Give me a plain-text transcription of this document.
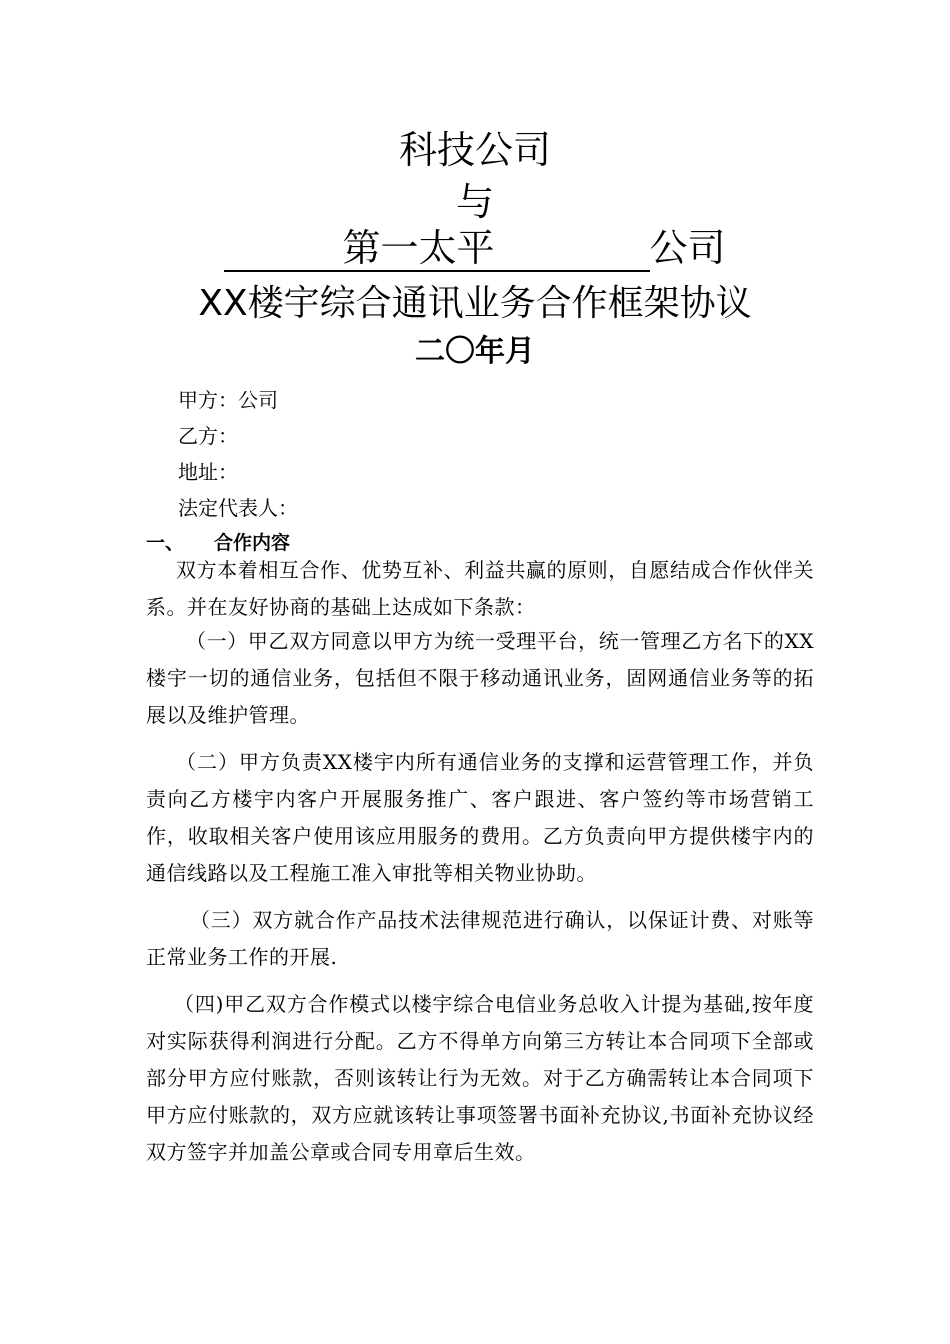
科技公司
与
第一太平	公司
XX楼宇综合通讯业务合作框架协议
二〇年月
甲方：公司
乙方：
地址：
法定代表人：
一、 合作内容
双方本着相互合作、优势互补、利益共赢的原则，自愿结成合作伙伴关系。并在友好协商的基础上达成如下条款：
（一）甲乙双方同意以甲方为统一受理平台，统一管理乙方名下的XX楼宇一切的通信业务，包括但不限于移动通讯业务，固网通信业务等的拓展以及维护管理。
（二）甲方负责XX楼宇内所有通信业务的支撑和运营管理工作，并负责向乙方楼宇内客户开展服务推广、客户跟进、客户签约等市场营销工作，收取相关客户使用该应用服务的费用。乙方负责向甲方提供楼宇内的通信线路以及工程施工准入审批等相关物业协助。
（三）双方就合作产品技术法律规范进行确认，以保证计费、对账等正常业务工作的开展.
（四)甲乙双方合作模式以楼宇综合电信业务总收入计提为基础,按年度对实际获得利润进行分配。乙方不得单方向第三方转让本合同项下全部或部分甲方应付账款，否则该转让行为无效。对于乙方确需转让本合同项下甲方应付账款的，双方应就该转让事项签署书面补充协议,书面补充协议经双方签字并加盖公章或合同专用章后生效。
